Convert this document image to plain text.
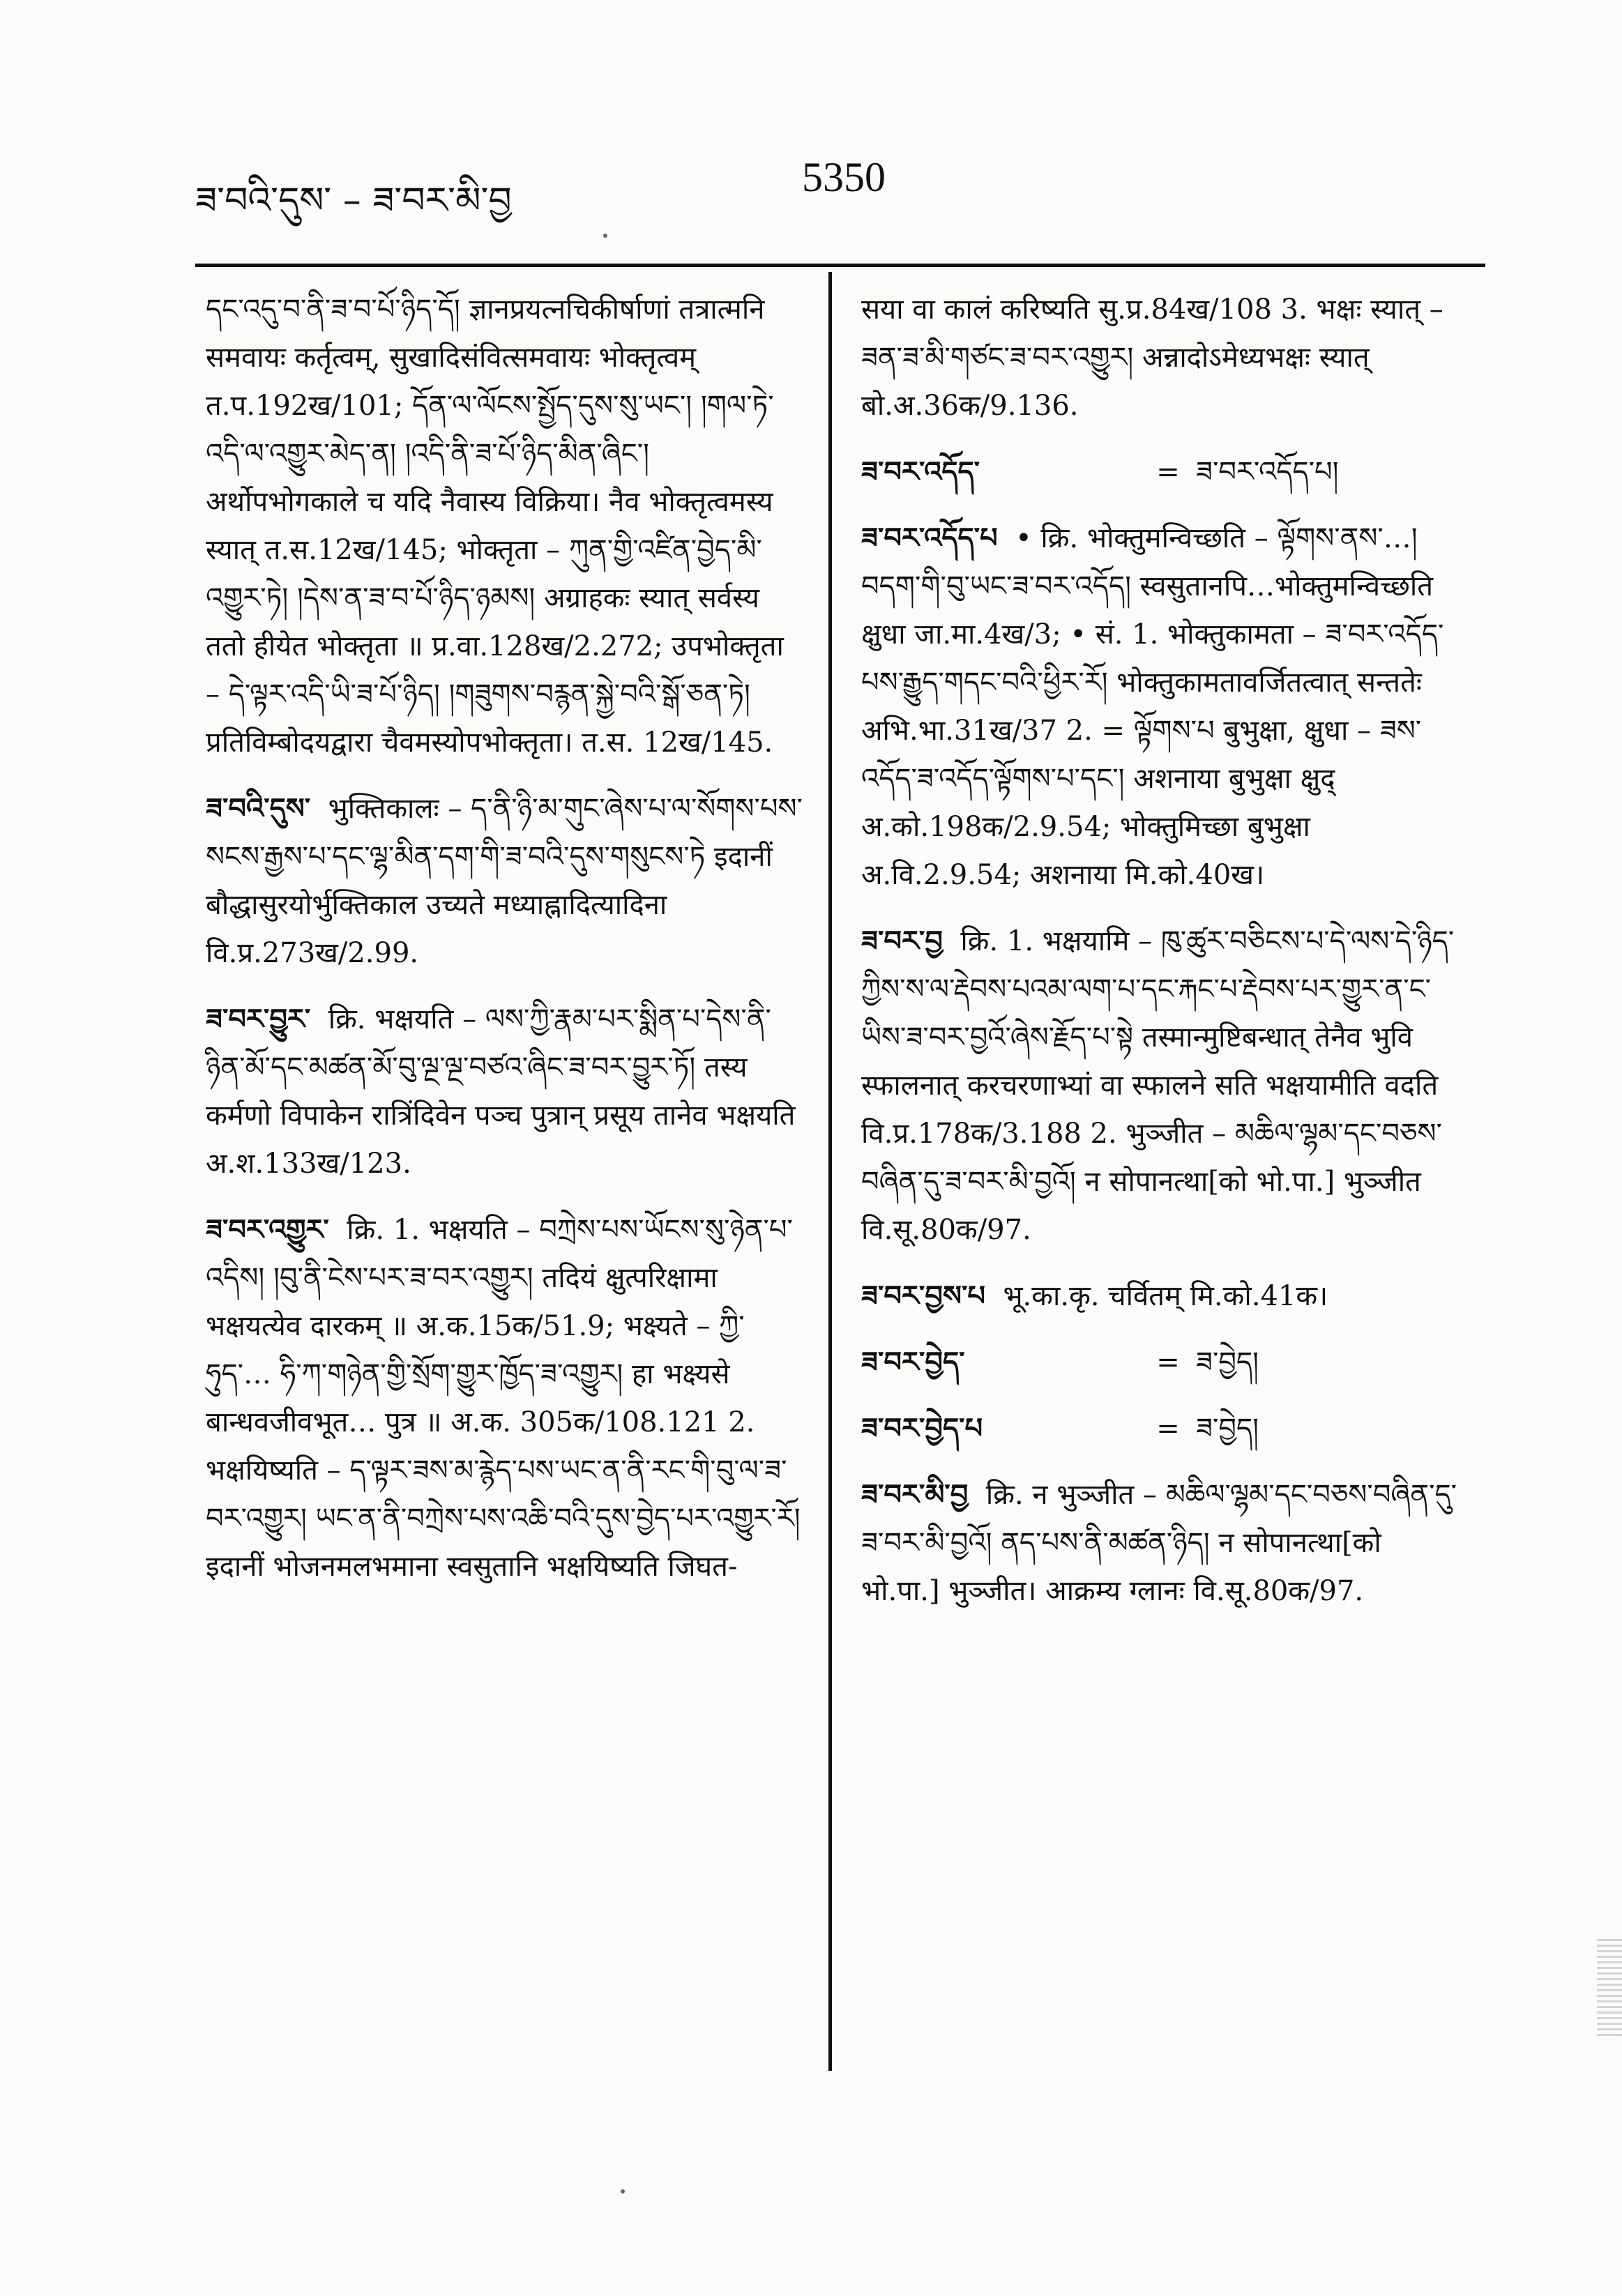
ཟ་བའི་དུས་ – ཟ་བར་མི་བྱ
5350

དང་འདུ་བ་ནི་ཟ་བ་པོ་ཉིད་དོ། ज्ञानप्रयत्नचिकीर्षाणां तत्रात्मनि समवायः कर्तृत्वम्, सुखादिसंवित्समवायः भोक्तृत्वम् त.प.192ख/101; དོན་ལ་ལོངས་སྤྱོད་དུས་སུ་ཡང་། །གལ་ཏེ་འདི་ལ་འགྱུར་མེད་ན། །འདི་ནི་ཟ་པོ་ཉིད་མིན་ཞིང་། अर्थोपभोगकाले च यदि नैवास्य विक्रिया। नैव भोक्तृत्वमस्य स्यात् त.स.12ख/145; भोक्तृता – ཀུན་གྱི་འཛིན་བྱེད་མི་འགྱུར་ཏེ། །དེས་ན་ཟ་བ་པོ་ཉིད་ཉམས། अग्राहकः स्यात् सर्वस्य ततो हीयेत भोक्तृता ॥ प्र.वा.128ख/2.272; उपभोक्तृता – དེ་ལྟར་འདི་ཡི་ཟ་པོ་ཉིད། །གཟུགས་བརྙན་སྐྱེ་བའི་སྒོ་ཅན་ཏེ། प्रतिविम्बोदयद्वारा चैवमस्योपभोक्तृता। त.स. 12ख/145.

ཟ་བའི་དུས་ भुक्तिकालः – ད་ནི་ཉི་མ་གུང་ཞེས་པ་ལ་སོགས་པས་སངས་རྒྱས་པ་དང་ལྷ་མིན་དག་གི་ཟ་བའི་དུས་གསུངས་ཏེ इदानीं बौद्धासुरयोर्भुक्तिकाल उच्यते मध्याह्नादित्यादिना वि.प्र.273ख/2.99.

ཟ་བར་བྱུར་ क्रि. भक्षयति – ལས་ཀྱི་རྣམ་པར་སྨིན་པ་དེས་ནི་ཉིན་མོ་དང་མཚན་མོ་བུ་ལྔ་ལྔ་བཙའ་ཞིང་ཟ་བར་བྱུར་ཏོ། तस्य कर्मणो विपाकेन रात्रिंदिवेन पञ्च पुत्रान् प्रसूय तानेव भक्षयति अ.श.133ख/123.

ཟ་བར་འགྱུར་ क्रि. 1. भक्षयति – བཀྲེས་པས་ཡོངས་སུ་ཉེན་པ་འདིས། །བུ་ནི་ངེས་པར་ཟ་བར་འགྱུར། तदियं क्षुत्परिक्षामा भक्षयत्येव दारकम् ॥ अ.क.15क/51.9; भक्ष्यते – ཀྱི་ཧུད་… ཧི་ཀ་གཉེན་གྱི་སྲོག་གྱུར་ཁྱོད་ཟ་འགྱུར། हा भक्ष्यसे बान्धवजीवभूत… पुत्र ॥ अ.क. 305क/108.121 2. भक्षयिष्यति – ད་ལྟར་ཟས་མ་རྙེད་པས་ཡང་ན་ནི་རང་གི་བུ་ལ་ཟ་བར་འགྱུར། ཡང་ན་ནི་བཀྲེས་པས་འཆི་བའི་དུས་བྱེད་པར་འགྱུར་རོ། इदानीं भोजनमलभमाना स्वसुतानि भक्षयिष्यति जिघत-

सया वा कालं करिष्यति सु.प्र.84ख/108 3. भक्षः स्यात् – ཟན་ཟ་མི་གཙང་ཟ་བར་འགྱུར། अन्नादोऽमेध्यभक्षः स्यात् बो.अ.36क/9.136.

ཟ་བར་འདོད་	= ཟ་བར་འདོད་པ།

ཟ་བར་འདོད་པ • क्रि. भोक्तुमन्विच्छति – ལྟོགས་ནས་…།བདག་གི་བུ་ཡང་ཟ་བར་འདོད། स्वसुतानपि…भोक्तुमन्विच्छति क्षुधा जा.मा.4ख/3; • सं. 1. भोक्तुकामता – ཟ་བར་འདོད་པས་རྒྱུད་གདང་བའི་ཕྱིར་རོ། भोक्तुकामतावर्जितत्वात् सन्ततेः अभि.भा.31ख/37 2. = ལྟོགས་པ बुभुक्षा, क्षुधा – ཟས་འདོད་ཟ་འདོད་ལྟོགས་པ་དང་། अशनाया बुभुक्षा क्षुद् अ.को.198क/2.9.54; भोक्तुमिच्छा बुभुक्षा अ.वि.2.9.54; अशनाया मि.को.40ख।

ཟ་བར་བྱ क्रि. 1. भक्षयामि – ཁུ་ཚུར་བཅིངས་པ་དེ་ལས་དེ་ཉིད་ཀྱིས་ས་ལ་རྡེབས་པའམ་ལག་པ་དང་རྐང་པ་རྡེབས་པར་གྱུར་ན་ང་ཡིས་ཟ་བར་བྱའོ་ཞེས་རྗོད་པ་སྟེ तस्मान्मुष्टिबन्धात् तेनैव भुवि स्फालनात् करचरणाभ्यां वा स्फालने सति भक्षयामीति वदति वि.प्र.178क/3.188 2. भुञ्जीत – མཆིལ་ལྷམ་དང་བཅས་བཞིན་དུ་ཟ་བར་མི་བྱའོ། न सोपानत्था[को भो.पा.] भुञ्जीत वि.सू.80क/97.

ཟ་བར་བྱས་པ भू.का.कृ. चर्वितम् मि.को.41क।

ཟ་བར་བྱེད་	= ཟ་བྱེད།
ཟ་བར་བྱེད་པ	= ཟ་བྱེད།

ཟ་བར་མི་བྱ क्रि. न भुञ्जीत – མཆིལ་ལྷམ་དང་བཅས་བཞིན་དུ་ཟ་བར་མི་བྱའོ། ནད་པས་ནི་མཚན་ཉིད། न सोपानत्था[को भो.पा.] भुञ्जीत। आक्रम्य ग्लानः वि.सू.80क/97.
